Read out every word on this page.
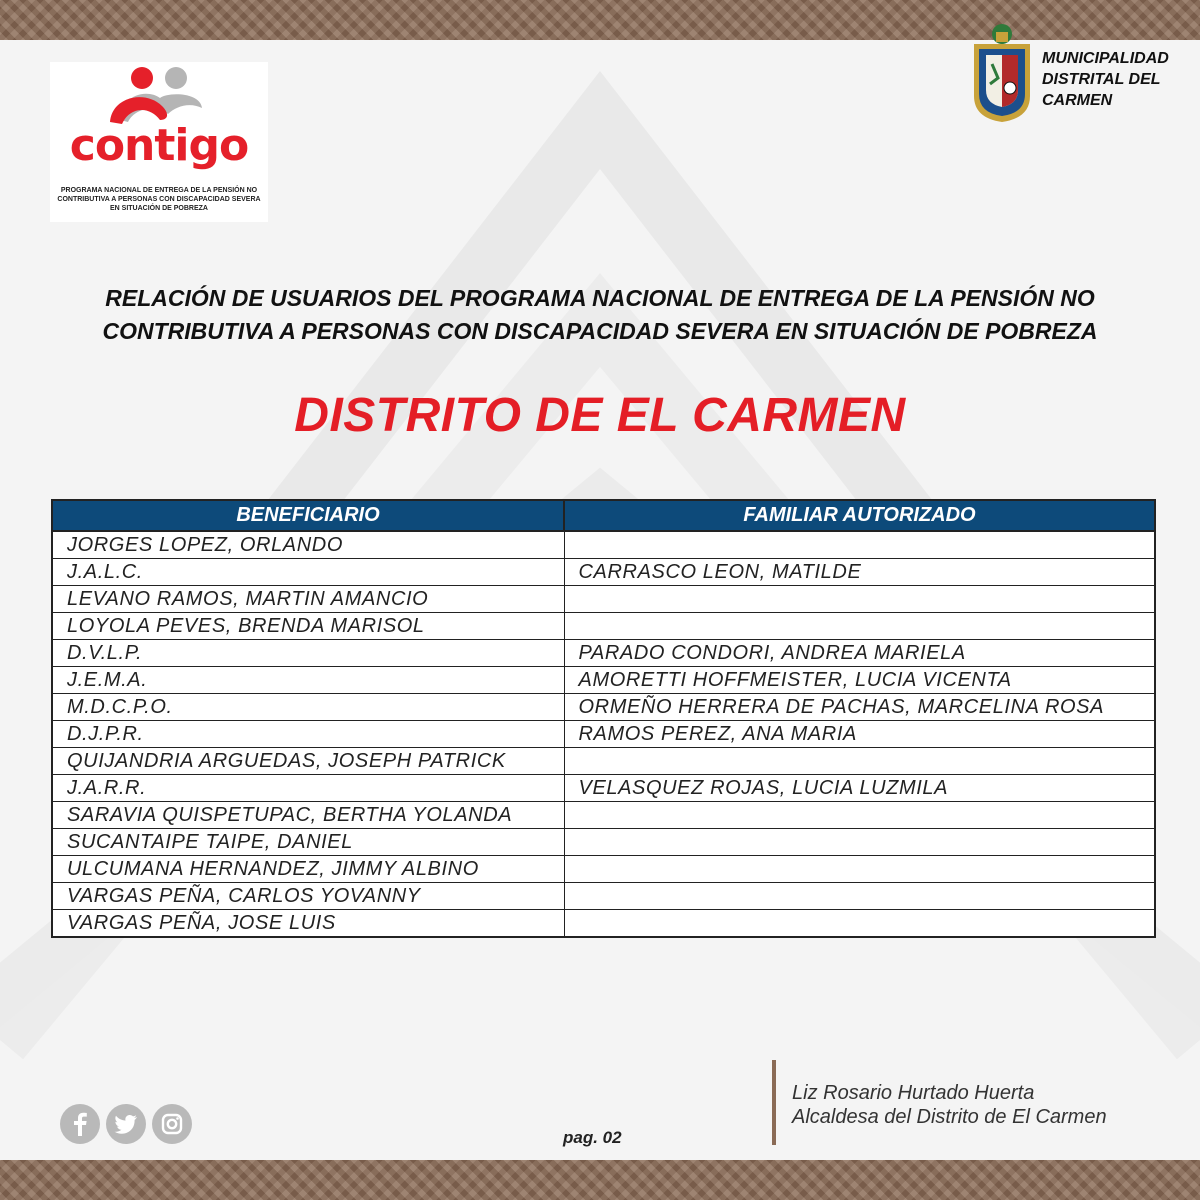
contigo
PROGRAMA NACIONAL DE ENTREGA DE LA PENSIÓN NO CONTRIBUTIVA A PERSONAS CON DISCAPACIDAD SEVERA EN SITUACIÓN DE POBREZA
MUNICIPALIDAD
DISTRITAL DEL
CARMEN
RELACIÓN DE USUARIOS DEL PROGRAMA NACIONAL DE ENTREGA DE LA PENSIÓN NO
CONTRIBUTIVA A PERSONAS CON DISCAPACIDAD SEVERA EN SITUACIÓN DE POBREZA
DISTRITO DE EL CARMEN
BENEFICIARIO	FAMILIAR AUTORIZADO
JORGES LOPEZ, ORLANDO	
J.A.L.C.	CARRASCO LEON, MATILDE
LEVANO RAMOS, MARTIN AMANCIO	
LOYOLA PEVES, BRENDA MARISOL	
D.V.L.P.	PARADO CONDORI, ANDREA MARIELA
J.E.M.A.	AMORETTI HOFFMEISTER, LUCIA VICENTA
M.D.C.P.O.	ORMEÑO HERRERA DE PACHAS, MARCELINA ROSA
D.J.P.R.	RAMOS PEREZ, ANA MARIA
QUIJANDRIA ARGUEDAS, JOSEPH PATRICK	
J.A.R.R.	VELASQUEZ ROJAS, LUCIA LUZMILA
SARAVIA QUISPETUPAC, BERTHA YOLANDA	
SUCANTAIPE TAIPE, DANIEL	
ULCUMANA HERNANDEZ, JIMMY ALBINO	
VARGAS PEÑA, CARLOS YOVANNY	
VARGAS PEÑA, JOSE LUIS	
pag. 02
Liz Rosario Hurtado Huerta
Alcaldesa del Distrito de El Carmen
